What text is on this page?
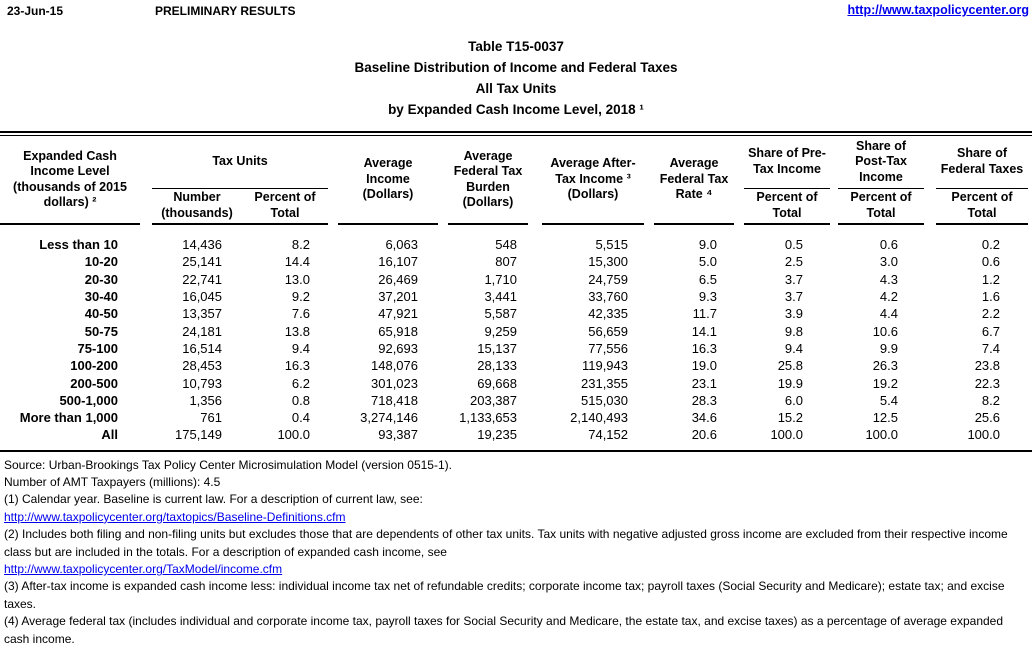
23-Jun-15	PRELIMINARY RESULTS	http://www.taxpolicycenter.org
Table T15-0037
Baseline Distribution of Income and Federal Taxes
All Tax Units
by Expanded Cash Income Level, 2018 ¹
Expanded Cash Income Level (thousands of 2015 dollars) ²		Tax Units			Average Income (Dollars)		Average Federal Tax Burden (Dollars)		Average After-Tax Income ³ (Dollars)		Average Federal Tax Rate ⁴		Share of Pre-Tax Income		Share of Post-Tax Income		Share of Federal Taxes	
		Number (thousands)	Percent of Total										Percent of Total		Percent of Total		Percent of Total	

Less than 10		14,436	8.2		6,063		548		5,515		9.0		0.5		0.6		0.2	
10-20		25,141	14.4		16,107		807		15,300		5.0		2.5		3.0		0.6	
20-30		22,741	13.0		26,469		1,710		24,759		6.5		3.7		4.3		1.2	
30-40		16,045	9.2		37,201		3,441		33,760		9.3		3.7		4.2		1.6	
40-50		13,357	7.6		47,921		5,587		42,335		11.7		3.9		4.4		2.2	
50-75		24,181	13.8		65,918		9,259		56,659		14.1		9.8		10.6		6.7	
75-100		16,514	9.4		92,693		15,137		77,556		16.3		9.4		9.9		7.4	
100-200		28,453	16.3		148,076		28,133		119,943		19.0		25.8		26.3		23.8	
200-500		10,793	6.2		301,023		69,668		231,355		23.1		19.9		19.2		22.3	
500-1,000		1,356	0.8		718,418		203,387		515,030		28.3		6.0		5.4		8.2	
More than 1,000		761	0.4		3,274,146		1,133,653		2,140,493		34.6		15.2		12.5		25.6	
All		175,149	100.0		93,387		19,235		74,152		20.6		100.0		100.0		100.0	

Source: Urban-Brookings Tax Policy Center Microsimulation Model (version 0515-1).

Number of AMT Taxpayers (millions): 4.5

(1) Calendar year. Baseline is current law. For a description of current law, see:

http://www.taxpolicycenter.org/taxtopics/Baseline-Definitions.cfm

(2) Includes both filing and non-filing units but excludes those that are dependents of other tax units. Tax units with negative adjusted gross income are excluded from their respective income class but are included in the totals. For a description of expanded cash income, see

http://www.taxpolicycenter.org/TaxModel/income.cfm

(3) After-tax income is expanded cash income less: individual income tax net of refundable credits; corporate income tax; payroll taxes (Social Security and Medicare); estate tax; and excise taxes.

(4) Average federal tax (includes individual and corporate income tax, payroll taxes for Social Security and Medicare, the estate tax, and excise taxes) as a percentage of average expanded cash income.
